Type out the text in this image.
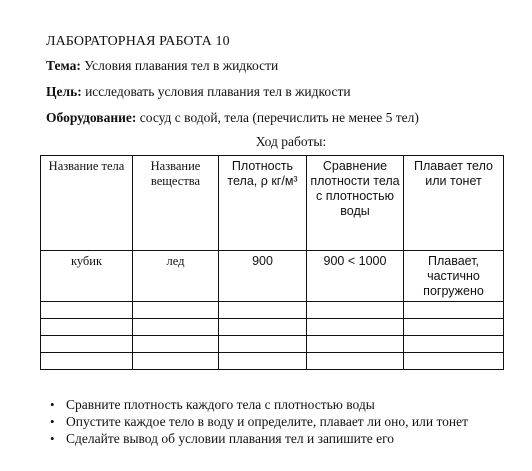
ЛАБОРАТОРНАЯ РАБОТА 10
Тема: Условия плавания тел в жидкости
Цель: исследовать условия плавания тел в жидкости
Оборудование: сосуд с водой, тела (перечислить не менее 5 тел)
Ход работы:
Название тела	Название вещества	Плотность тела, ρ кг/м³	Сравнение плотности тела с плотностью воды	Плавает тело или тонет
кубик	лед	900	900 < 1000	Плавает, частично погружено

• Сравните плотность каждого тела с плотностью воды
• Опустите каждое тело в воду и определите, плавает ли оно, или тонет
• Сделайте вывод об условии плавания тел и запишите его
